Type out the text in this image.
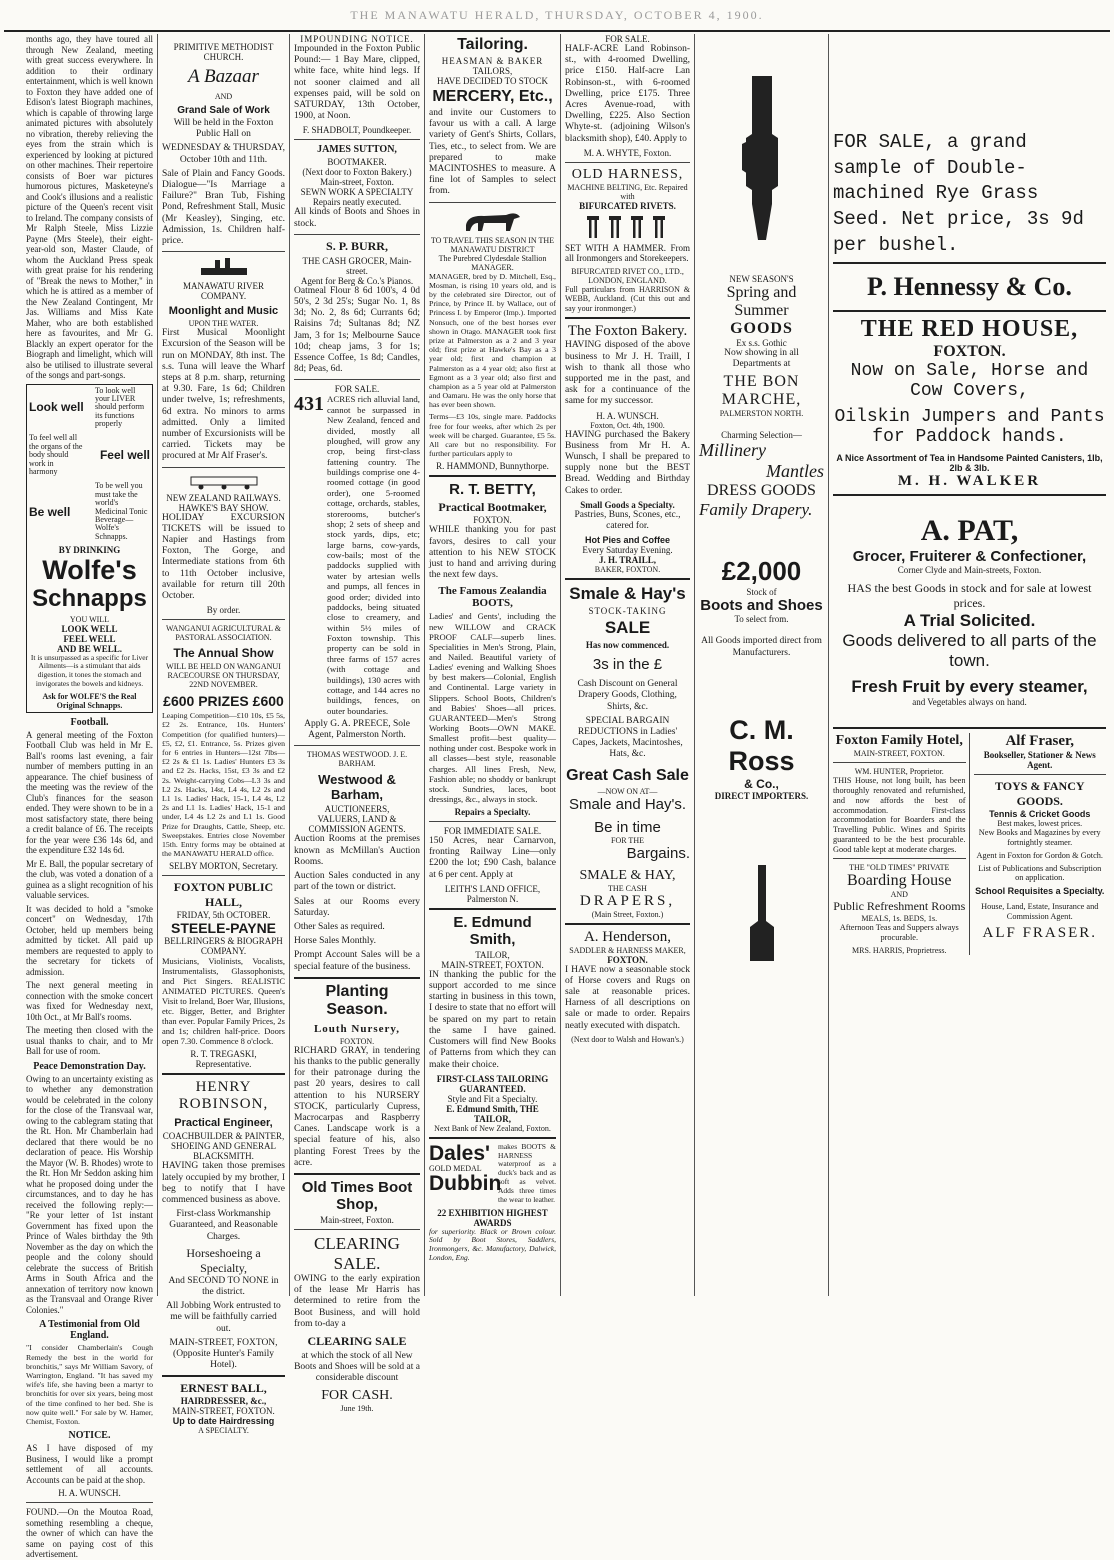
THE MANAWATU HERALD, THURSDAY, OCTOBER 4, 1900.

months ago, they have toured all through New Zealand, meeting with great success everywhere. In addition to their ordinary entertainment, which is well known to Foxton they have added one of Edison's latest Biograph machines, which is capable of throwing large animated pictures with absolutely no vibration, thereby relieving the eyes from the strain which is experienced by looking at pictured on other machines. Their repertoire consists of Boer war pictures humorous pictures, Masketeyne's and Cook's illusions and a realistic picture of the Queen's recent visit to Ireland. The company consists of Mr Ralph Steele, Miss Lizzie Payne (Mrs Steele), their eight-year-old son, Master Claude, of whom the Auckland Press speak with great praise for his rendering of "Break the news to Mother," in which he is attired as a member of the New Zealand Contingent, Mr Jas. Williams and Miss Kate Maher, who are both established here as favourites, and Mr G. Blackly an expert operator for the Biograph and limelight, which will also be utilised to illustrate several of the songs and part-songs.

Look well
To look well your LIVER should perform its functions properly
To feel well all the organs of the body should work in harmony
Feel well
Be well
To be well you must take the world's Medicinal Tonic Beverage—Wolfe's Schnapps.
BY DRINKING
Wolfe's
Schnapps
YOU WILL
LOOK WELL
FEEL WELL
AND BE WELL.

It is unsurpassed as a specific for Liver Ailments—is a stimulant that aids digestion, it tones the stomach and invigorates the bowels and kidneys.

Ask for WOLFE'S the Real Original Schnapps.
Football.

A general meeting of the Foxton Football Club was held in Mr E. Ball's rooms last evening, a fair number of members putting in an appearance. The chief business of the meeting was the review of the Club's finances for the season ended. They were shown to be in a most satisfactory state, there being a credit balance of £6. The receipts for the year were £36 14s 6d, and the expenditure £32 14s 6d.

Mr E. Ball, the popular secretary of the club, was voted a donation of a guinea as a slight recognition of his valuable services.

It was decided to hold a "smoke concert" on Wednesday, 17th October, held up members being admitted by ticket. All paid up members are requested to apply to the secretary for tickets of admission.

The next general meeting in connection with the smoke concert was fixed for Wednesday next, 10th Oct., at Mr Ball's rooms.

The meeting then closed with the usual thanks to chair, and to Mr Ball for use of room.

Peace Demonstration Day.

Owing to an uncertainty existing as to whether any demonstration would be celebrated in the colony for the close of the Transvaal war, owing to the cablegram stating that the Rt. Hon. Mr Chamberlain had declared that there would be no declaration of peace. His Worship the Mayor (W. B. Rhodes) wrote to the Rt. Hon Mr Seddon asking him what he proposed doing under the circumstances, and to day he has received the following reply:— "Re your letter of 1st instant Government has fixed upon the Prince of Wales birthday the 9th November as the day on which the people and the colony should celebrate the success of British Arms in South Africa and the annexation of territory now known as the Transvaal and Orange River Colonies."

A Testimonial from Old England.

"I consider Chamberlain's Cough Remedy the best in the world for bronchitis," says Mr William Savory, of Warrington, England. "It has saved my wife's life, she having been a martyr to bronchitis for over six years, being most of the time confined to her bed. She is now quite well." For sale by W. Hamer, Chemist, Foxton.

NOTICE.

AS I have disposed of my Business, I would like a prompt settlement of all accounts. Accounts can be paid at the shop.

H. A. WUNSCH.

FOUND.—On the Moutoa Road, something resembling a cheque, the owner of which can have the same on paying cost of this advertisement.

PRIMITIVE METHODIST CHURCH.
A Bazaar
AND
Grand Sale of Work

Will be held in the Foxton Public Hall on

WEDNESDAY & THURSDAY, October 10th and 11th.

Sale of Plain and Fancy Goods. Dialogue—"Is Marriage a Failure?" Bran Tub, Fishing Pond, Refreshment Stall, Music (Mr Keasley), Singing, etc. Admission, 1s. Children half-price.

MANAWATU RIVER COMPANY.
Moonlight and Music
UPON THE WATER.

First Musical Moonlight Excursion of the Season will be run on MONDAY, 8th inst. The s.s. Tuna will leave the Wharf steps at 8 p.m. sharp, returning at 9.30. Fare, 1s 6d; Children under twelve, 1s; refreshments, 6d extra. No minors to arms admitted. Only a limited number of Excursionists will be carried. Tickets may be procured at Mr Alf Fraser's.

NEW ZEALAND RAILWAYS.
HAWKE'S BAY SHOW.

HOLIDAY EXCURSION TICKETS will be issued to Napier and Hastings from Foxton, The Gorge, and Intermediate stations from 6th to 11th October inclusive, available for return till 20th October.

By order.
WANGANUI AGRICULTURAL & PASTORAL ASSOCIATION.
The Annual Show
WILL BE HELD ON WANGANUI RACECOURSE ON THURSDAY, 22ND NOVEMBER.
£600 PRIZES £600

Leaping Competition—£10 10s, £5 5s, £2 2s. Entrance, 10s. Hunters' Competition (for qualified hunters)—£5, £2, £1. Entrance, 5s. Prizes given for 6 entries in Hunters—12st 7lbs—£2 2s & £1 1s. Ladies' Hunters £3 3s and £2 2s. Hacks, 15st, £3 3s and £2 2s. Weight-carrying Cobs—L3 3s and L2 2s. Hacks, 14st, L4 4s, L2 2s and L1 1s. Ladies' Hack, 15-1, L4 4s, L2 2s and L1 1s. Ladies' Hack, 15-1 and under, L4 4s L2 2s and L1 1s. Good Prize for Draughts, Cattle, Sheep, etc. Sweepstakes. Entries close November 15th. Entry forms may be obtained at the MANAWATU HERALD office.

SELBY MORTON, Secretary.
FOXTON PUBLIC HALL,
FRIDAY, 5th OCTOBER.
STEELE-PAYNE
BELLRINGERS & BIOGRAPH COMPANY.

Musicians, Violinists, Vocalists, Instrumentalists, Glassophonists, and Pict Singers. REALISTIC ANIMATED PICTURES. Queen's Visit to Ireland, Boer War, Illusions, etc. Bigger, Better, and Brighter than ever. Popular Family Prices, 2s and 1s; children half-price. Doors open 7.30. Commence 8 o'clock.

R. T. TREGASKI, Representative.
HENRY ROBINSON,
Practical Engineer,
COACHBUILDER & PAINTER, SHOEING AND GENERAL BLACKSMITH.

HAVING taken those premises lately occupied by my brother, I beg to notify that I have commenced business as above.

First-class Workmanship Guaranteed, and Reasonable Charges.

Horseshoeing a Specialty,

And SECOND TO NONE in the district.

All Jobbing Work entrusted to me will be faithfully carried out.

MAIN-STREET, FOXTON, (Opposite Hunter's Family Hotel).

ERNEST BALL,
HAIRDRESSER, &c.,
MAIN-STREET, FOXTON.
Up to date Hairdressing
A SPECIALTY.
IMPOUNDING NOTICE.

Impounded in the Foxton Public Pound:— 1 Bay Mare, clipped, white face, white hind legs. If not sooner claimed and all expenses paid, will be sold on SATURDAY, 13th October, 1900, at Noon.

F. SHADBOLT, Poundkeeper.
JAMES SUTTON,
BOOTMAKER.
(Next door to Foxton Bakery.) Main-street, Foxton.
SEWN WORK A SPECIALTY
Repairs neatly executed.

All kinds of Boots and Shoes in stock.

S. P. BURR,
THE CASH GROCER, Main-street.
Agent for Berg & Co.'s Pianos.

Oatmeal Flour 8 6d 100's, 4 0d 50's, 2 3d 25's; Sugar No. 1, 8s 3d; No. 2, 8s 6d; Currants 6d; Raisins 7d; Sultanas 8d; NZ Jam, 3 for 1s; Melbourne Sauce 10d; cheap jams, 3 for 1s; Essence Coffee, 1s 8d; Candles, 8d; Peas, 6d.

FOR SALE.
431 ACRES rich alluvial land, cannot be surpassed in New Zealand, fenced and divided, mostly all ploughed, will grow any crop, being first-class fattening country. The buildings comprise one 4-roomed cottage (in good order), one 5-roomed cottage, orchards, stables, storerooms, butcher's shop; 2 sets of sheep and stock yards, dips, etc; large barns, cow-yards, cow-bails; most of the paddocks supplied with water by artesian wells and pumps, all fences in good order; divided into paddocks, being situated close to creamery, and within 5½ miles of Foxton township. This property can be sold in three farms of 157 acres (with cottage and buildings), 130 acres with cottage, and 144 acres no buildings, fences, on outer boundaries.

Apply G. A. PREECE, Sole Agent, Palmerston North.

THOMAS WESTWOOD. J. E. BARHAM.
Westwood & Barham,
AUCTIONEERS,
VALUERS, LAND & COMMISSION AGENTS.

Auction Rooms at the premises known as McMillan's Auction Rooms.

Auction Sales conducted in any part of the town or district.

Sales at our Rooms every Saturday.

Other Sales as required.

Horse Sales Monthly.

Prompt Account Sales will be a special feature of the business.

Planting Season.
Louth Nursery,
FOXTON.

RICHARD GRAY, in tendering his thanks to the public generally for their patronage during the past 20 years, desires to call attention to his NURSERY STOCK, particularly Cupress, Macrocarpas and Raspberry Canes. Landscape work is a special feature of his, also planting Forest Trees by the acre.

Old Times Boot Shop,
Main-street, Foxton.
CLEARING SALE.

OWING to the early expiration of the lease Mr Harris has determined to retire from the Boot Business, and will hold from to-day a

CLEARING SALE

at which the stock of all New Boots and Shoes will be sold at a considerable discount

FOR CASH.
June 19th.
Tailoring.
HEASMAN & BAKER
TAILORS,
HAVE DECIDED TO STOCK
MERCERY, Etc.,

and invite our Customers to favour us with a call. A large variety of Gent's Shirts, Collars, Ties, etc., to select from. We are prepared to make MACINTOSHES to measure. A fine lot of Samples to select from.

TO TRAVEL THIS SEASON IN THE MANAWATU DISTRICT
The Purebred Clydesdale Stallion MANAGER.

MANAGER, bred by D. Mitchell, Esq., Mosman, is rising 10 years old, and is by the celebrated sire Director, out of Prince, by Prince II. by Wallace, out of Princess I. by Emperor (Imp.). Imported Nonsuch, one of the best horses ever shown in Otago. MANAGER took first prize at Palmerston as a 2 and 3 year old; first prize at Hawke's Bay as a 3 year old; first and champion at Palmerston as a 4 year old; also first at Egmont as a 3 year old; also first and champion as a 5 year old at Palmerston and Oamaru. He was the only horse that has ever been shown.

Terms—£3 10s, single mare. Paddocks free for four weeks, after which 2s per week will be charged. Guarantee, £5 5s. All care but no responsibility. For further particulars apply to

R. HAMMOND, Bunnythorpe.
R. T. BETTY,
Practical Bootmaker,
FOXTON.

WHILE thanking you for past favors, desires to call your attention to his NEW STOCK just to hand and arriving during the next few days.

The Famous Zealandia BOOTS,

Ladies' and Gents', including the new WILLOW and CRACK PROOF CALF—superb lines. Specialities in Men's Strong, Plain, and Nailed. Beautiful variety of Ladies' evening and Walking Shoes by best makers—Colonial, English and Continental. Large variety in Slippers. School Boots, Children's and Babies' Shoes—all prices. GUARANTEED—Men's Strong Working Boots—OWN MAKE. Smallest profit—best quality—nothing under cost. Bespoke work in all classes—best style, reasonable charges. All lines Fresh, New, Fashion able; no shoddy or bankrupt stock. Sundries, laces, boot dressings, &c., always in stock.

Repairs a Specialty.
FOR IMMEDIATE SALE.

150 Acres, near Carnarvon, fronting Railway Line—only £200 the lot; £90 Cash, balance at 6 per cent. Apply at

LEITH'S LAND OFFICE, Palmerston N.
E. Edmund Smith,
TAILOR,
MAIN-STREET, FOXTON.

IN thanking the public for the support accorded to me since starting in business in this town, I desire to state that no effort will be spared on my part to retain the same I have gained. Customers will find New Books of Patterns from which they can make their choice.

FIRST-CLASS TAILORING GUARANTEED.
Style and Fit a Specialty.
E. Edmund Smith, THE TAILOR,
Next Bank of New Zealand, Foxton.
Dales'
GOLD MEDAL
Dubbin

makes BOOTS & HARNESS waterproof as a duck's back and as soft as velvet. Adds three times the wear to leather.

22 EXHIBITION HIGHEST AWARDS

for superiority. Black or Brown colour. Sold by Boot Stores, Saddlers, Ironmongers, &c. Manufactory, Dalwick, London, Eng.

FOR SALE.

HALF-ACRE Land Robinson-st., with 4-roomed Dwelling, price £150. Half-acre Lan Robinson-st., with 6-roomed Dwelling, price £175. Three Acres Avenue-road, with Dwelling, £225. Also Section Whyte-st. (adjoining Wilson's blacksmith shop), £40. Apply to

M. A. WHYTE, Foxton.
OLD HARNESS,
MACHINE BELTING, Etc. Repaired with
BIFURCATED RIVETS.

SET WITH A HAMMER. From all Ironmongers and Storekeepers.

BIFURCATED RIVET CO., LTD., LONDON, ENGLAND.

Full particulars from HARRISON & WEBB, Auckland. (Cut this out and say your ironmonger.)

The Foxton Bakery.

HAVING disposed of the above business to Mr J. H. Traill, I wish to thank all those who supported me in the past, and ask for a continuance of the same for my successor.

H. A. WUNSCH.
Foxton, Oct. 4th, 1900.

HAVING purchased the Bakery Business from Mr H. A. Wunsch, I shall be prepared to supply none but the BEST Bread. Wedding and Birthday Cakes to order.

Small Goods a Specialty.

Pastries, Buns, Scones, etc., catered for.

Hot Pies and Coffee
Every Saturday Evening.
J. H. TRAILL,
BAKER, FOXTON.
Smale & Hay's
STOCK-TAKING
SALE
Has now commenced.
3s in the £

Cash Discount on General Drapery Goods, Clothing, Shirts, &c.

SPECIAL BARGAIN REDUCTIONS in Ladies' Capes, Jackets, Macintoshes, Hats, &c.

Great Cash Sale
—NOW ON AT—
Smale and Hay's.
Be in time
FOR THE
Bargains.
SMALE & HAY,
THE CASH
DRAPERS,
(Main Street, Foxton.)
A. Henderson,
SADDLER & HARNESS MAKER,
FOXTON.

I HAVE now a seasonable stock of Horse covers and Rugs on sale at reasonable prices. Harness of all descriptions on sale or made to order. Repairs neatly executed with dispatch.

(Next door to Walsh and Howan's.)
NEW SEASON'S
Spring and Summer
GOODS
Ex s.s. Gothic

Now showing in all Departments at

THE BON MARCHE,
PALMERSTON NORTH.
Charming Selection—
Millinery
Mantles
DRESS GOODS
Family Drapery.
£2,000
Stock of
Boots and Shoes
To select from.

All Goods imported direct from Manufacturers.

C. M. Ross
& Co.,
DIRECT IMPORTERS.

FOR SALE, a grand sample of Double-machined Rye Grass Seed. Net price, 3s 9d per bushel.

P. Hennessy & Co.
THE RED HOUSE,
FOXTON.
Now on Sale, Horse and Cow Covers,
Oilskin Jumpers and Pants for Paddock hands.
A Nice Assortment of Tea in Handsome Painted Canisters, 1lb, 2lb & 3lb.
M. H. WALKER
A. PAT,
Grocer, Fruiterer & Confectioner,
Corner Clyde and Main-streets, Foxton.
HAS the best Goods in stock and for sale at lowest prices.
A Trial Solicited.
Goods delivered to all parts of the town.
Fresh Fruit by every steamer,
and Vegetables always on hand.
Foxton Family Hotel,
MAIN-STREET, FOXTON.
WM. HUNTER, Proprietor.

THIS House, not long built, has been thoroughly renovated and refurnished, and now affords the best of accommodation. First-class accommodation for Boarders and the Travelling Public. Wines and Spirits guaranteed to be the best procurable. Good table kept at moderate charges.

THE "OLD TIMES" PRIVATE
Boarding House
AND
Public Refreshment Rooms
MEALS, 1s. BEDS, 1s.

Afternoon Teas and Suppers always procurable.

MRS. HARRIS, Proprietress.
Alf Fraser,
Bookseller, Stationer & News Agent.
TOYS & FANCY GOODS.
Tennis & Cricket Goods
Best makes, lowest prices.

New Books and Magazines by every fortnightly steamer.

Agent in Foxton for Gordon & Gotch.

List of Publications and Subscription on application.

School Requisites a Specialty.

House, Land, Estate, Insurance and Commission Agent.

ALF FRASER.
